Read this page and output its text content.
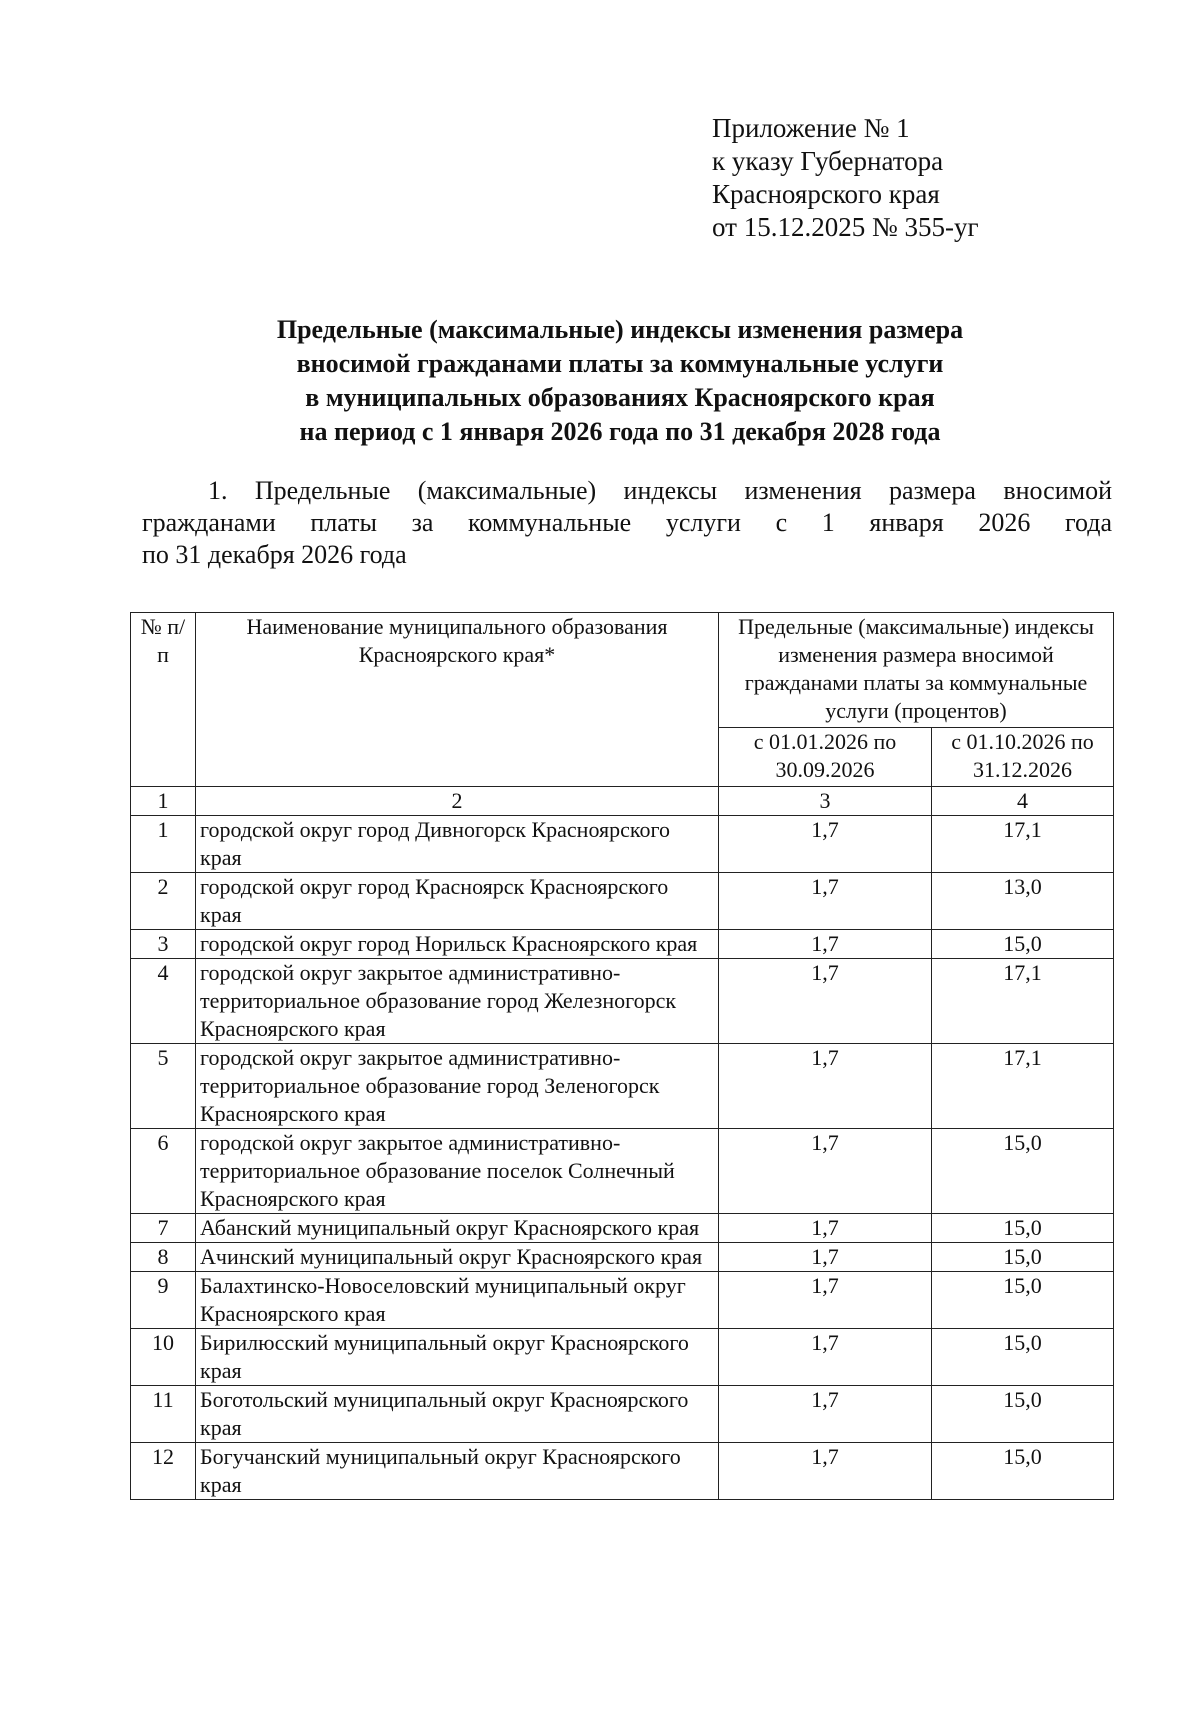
Приложение № 1
к указу Губернатора
Красноярского края
от 15.12.2025 № 355-уг
Предельные (максимальные) индексы изменения размера
вносимой гражданами платы за коммунальные услуги
в муниципальных образованиях Красноярского края
на период с 1 января 2026 года по 31 декабря 2028 года
1. Предельные (максимальные) индексы изменения размера вносимой
гражданами платы за коммунальные услуги с 1 января 2026 года
по 31 декабря 2026 года
№ п/п	Наименование муниципального образования Красноярского края*	Предельные (максимальные) индексы изменения размера вносимой гражданами платы за коммунальные услуги (процентов)	
		с 01.01.2026 по 30.09.2026	с 01.10.2026 по 31.12.2026
1	2	3	4
1	городской округ город Дивногорск Красноярского края	1,7	17,1
2	городской округ город Красноярск Красноярского края	1,7	13,0
3	городской округ город Норильск Красноярского края	1,7	15,0
4	городской округ закрытое административно-территориальное образование город Железногорск Красноярского края	1,7	17,1
5	городской округ закрытое административно-территориальное образование город Зеленогорск Красноярского края	1,7	17,1
6	городской округ закрытое административно-территориальное образование поселок Солнечный Красноярского края	1,7	15,0
7	Абанский муниципальный округ Красноярского края	1,7	15,0
8	Ачинский муниципальный округ Красноярского края	1,7	15,0
9	Балахтинско-Новоселовский муниципальный округ Красноярского края	1,7	15,0
10	Бирилюсский муниципальный округ Красноярского края	1,7	15,0
11	Боготольский муниципальный округ Красноярского края	1,7	15,0
12	Богучанский муниципальный округ Красноярского края	1,7	15,0
